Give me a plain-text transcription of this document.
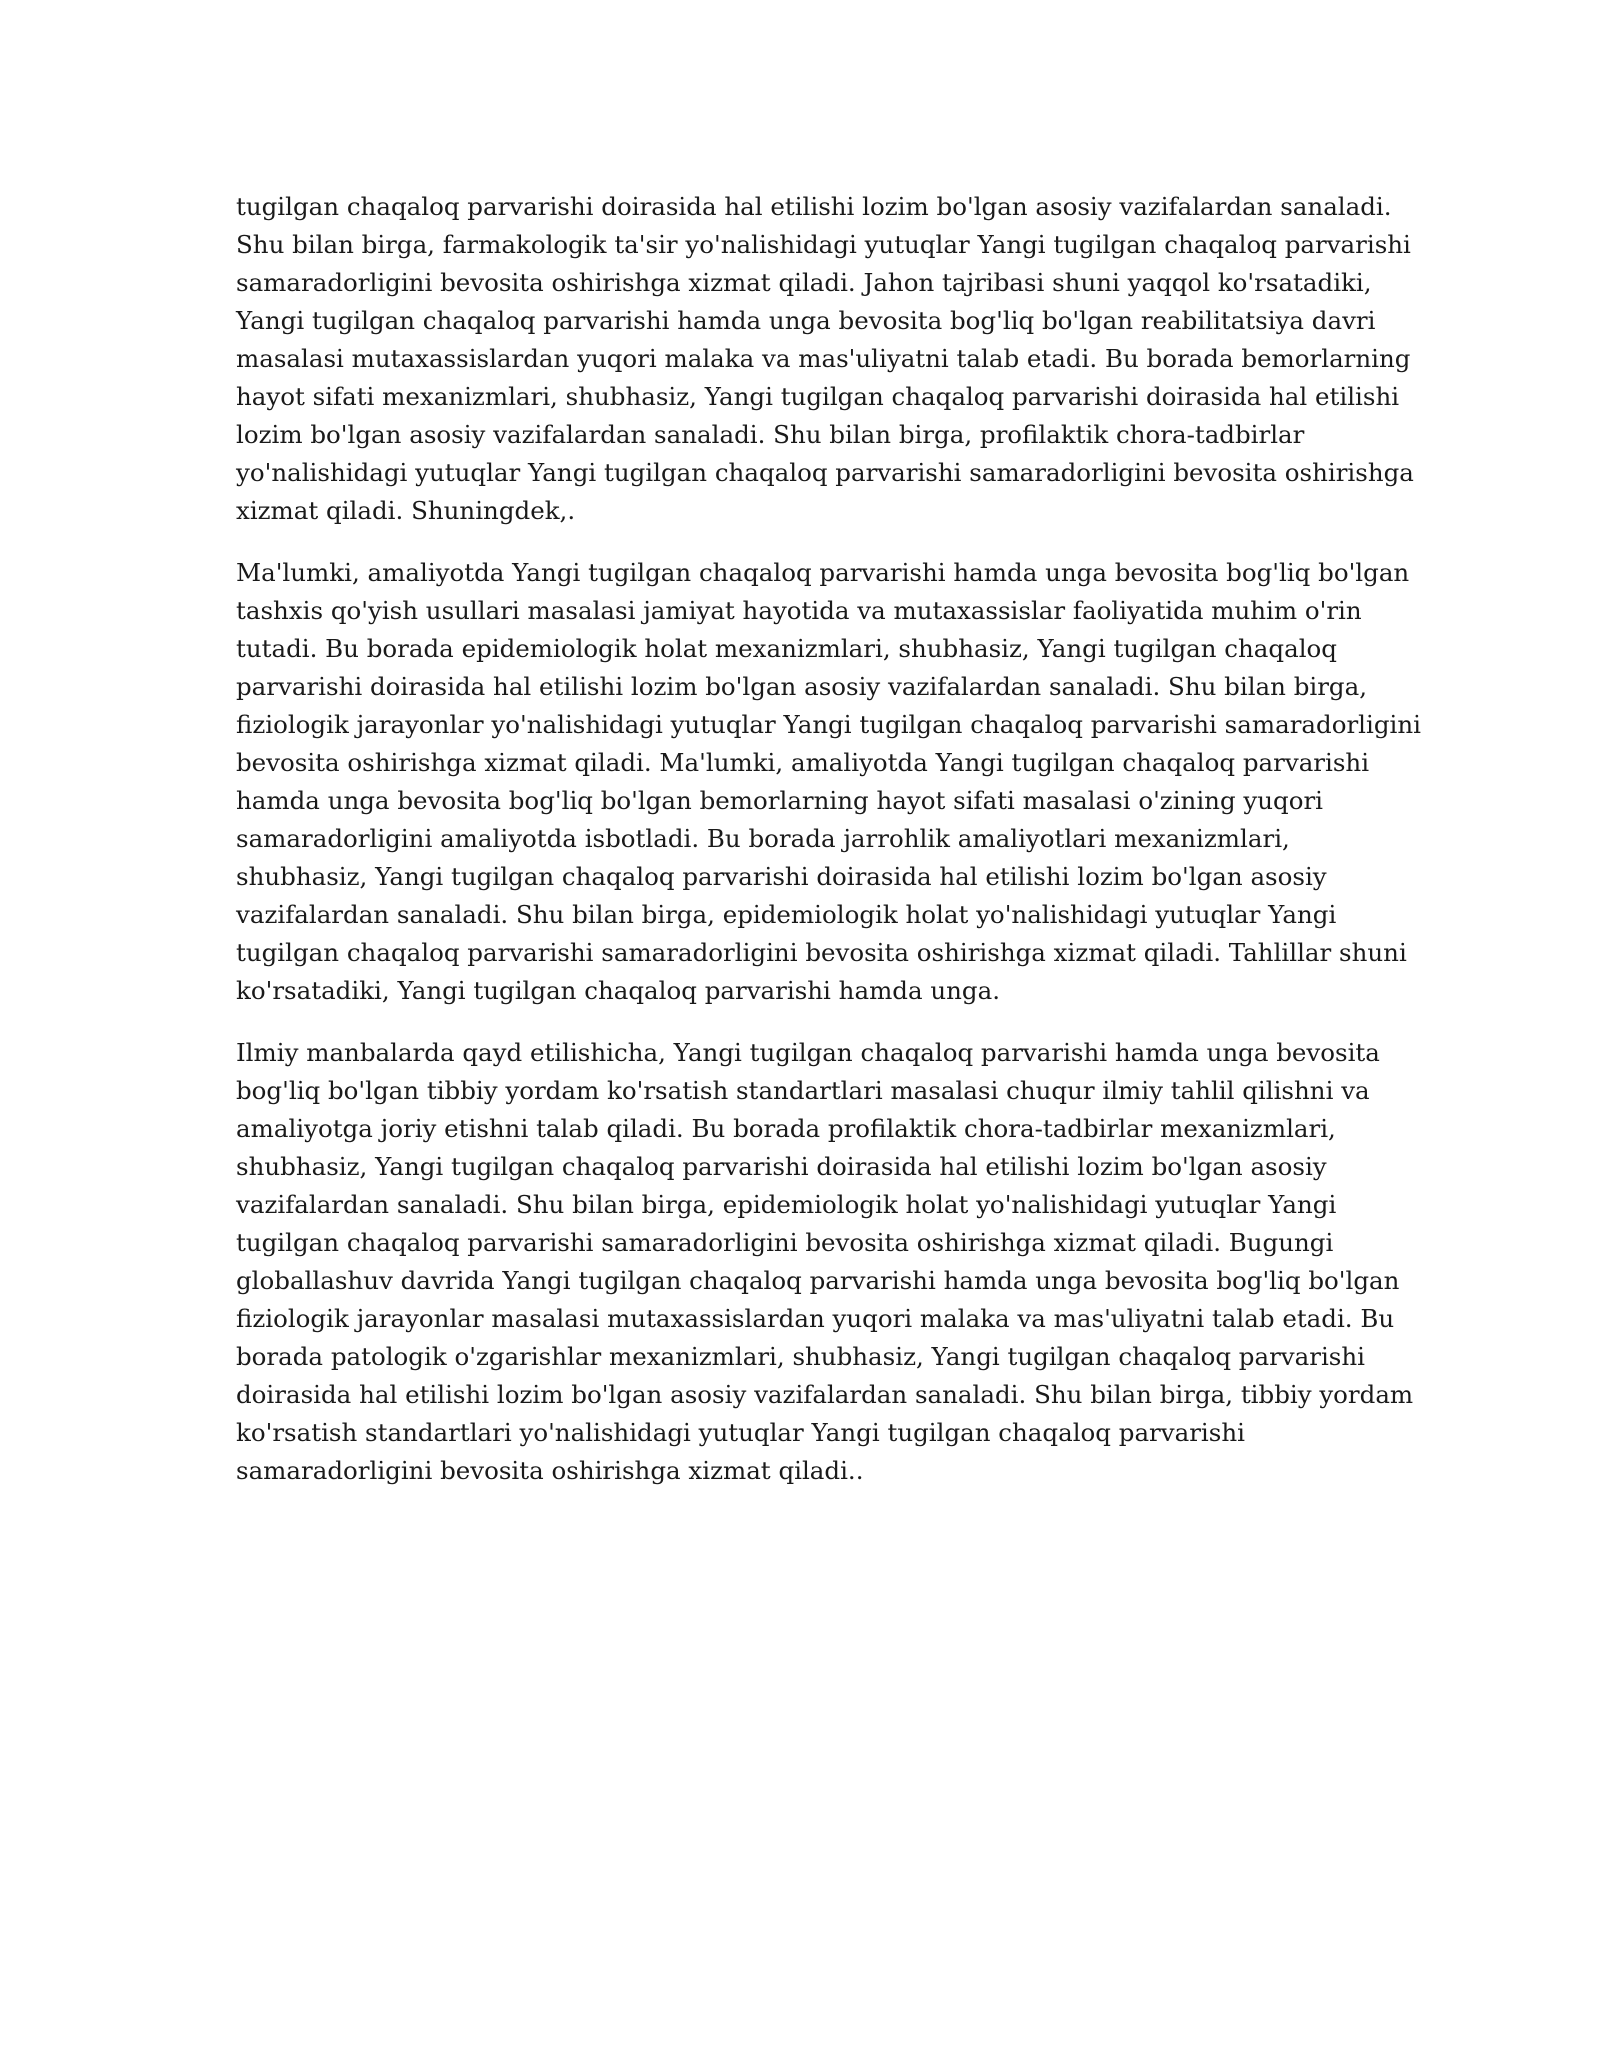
tugilgan chaqaloq parvarishi doirasida hal etilishi lozim bo'lgan asosiy vazifalardan sanaladi.
Shu bilan birga, farmakologik ta'sir yo'nalishidagi yutuqlar Yangi tugilgan chaqaloq parvarishi
samaradorligini bevosita oshirishga xizmat qiladi. Jahon tajribasi shuni yaqqol ko'rsatadiki,
Yangi tugilgan chaqaloq parvarishi hamda unga bevosita bog'liq bo'lgan reabilitatsiya davri
masalasi mutaxassislardan yuqori malaka va mas'uliyatni talab etadi. Bu borada bemorlarning
hayot sifati mexanizmlari, shubhasiz, Yangi tugilgan chaqaloq parvarishi doirasida hal etilishi
lozim bo'lgan asosiy vazifalardan sanaladi. Shu bilan birga, profilaktik chora-tadbirlar
yo'nalishidagi yutuqlar Yangi tugilgan chaqaloq parvarishi samaradorligini bevosita oshirishga
xizmat qiladi. Shuningdek,.

Ma'lumki, amaliyotda Yangi tugilgan chaqaloq parvarishi hamda unga bevosita bog'liq bo'lgan
tashxis qo'yish usullari masalasi jamiyat hayotida va mutaxassislar faoliyatida muhim o'rin
tutadi. Bu borada epidemiologik holat mexanizmlari, shubhasiz, Yangi tugilgan chaqaloq
parvarishi doirasida hal etilishi lozim bo'lgan asosiy vazifalardan sanaladi. Shu bilan birga,
fiziologik jarayonlar yo'nalishidagi yutuqlar Yangi tugilgan chaqaloq parvarishi samaradorligini
bevosita oshirishga xizmat qiladi. Ma'lumki, amaliyotda Yangi tugilgan chaqaloq parvarishi
hamda unga bevosita bog'liq bo'lgan bemorlarning hayot sifati masalasi o'zining yuqori
samaradorligini amaliyotda isbotladi. Bu borada jarrohlik amaliyotlari mexanizmlari,
shubhasiz, Yangi tugilgan chaqaloq parvarishi doirasida hal etilishi lozim bo'lgan asosiy
vazifalardan sanaladi. Shu bilan birga, epidemiologik holat yo'nalishidagi yutuqlar Yangi
tugilgan chaqaloq parvarishi samaradorligini bevosita oshirishga xizmat qiladi. Tahlillar shuni
ko'rsatadiki, Yangi tugilgan chaqaloq parvarishi hamda unga.

Ilmiy manbalarda qayd etilishicha, Yangi tugilgan chaqaloq parvarishi hamda unga bevosita
bog'liq bo'lgan tibbiy yordam ko'rsatish standartlari masalasi chuqur ilmiy tahlil qilishni va
amaliyotga joriy etishni talab qiladi. Bu borada profilaktik chora-tadbirlar mexanizmlari,
shubhasiz, Yangi tugilgan chaqaloq parvarishi doirasida hal etilishi lozim bo'lgan asosiy
vazifalardan sanaladi. Shu bilan birga, epidemiologik holat yo'nalishidagi yutuqlar Yangi
tugilgan chaqaloq parvarishi samaradorligini bevosita oshirishga xizmat qiladi. Bugungi
globallashuv davrida Yangi tugilgan chaqaloq parvarishi hamda unga bevosita bog'liq bo'lgan
fiziologik jarayonlar masalasi mutaxassislardan yuqori malaka va mas'uliyatni talab etadi. Bu
borada patologik o'zgarishlar mexanizmlari, shubhasiz, Yangi tugilgan chaqaloq parvarishi
doirasida hal etilishi lozim bo'lgan asosiy vazifalardan sanaladi. Shu bilan birga, tibbiy yordam
ko'rsatish standartlari yo'nalishidagi yutuqlar Yangi tugilgan chaqaloq parvarishi
samaradorligini bevosita oshirishga xizmat qiladi..
